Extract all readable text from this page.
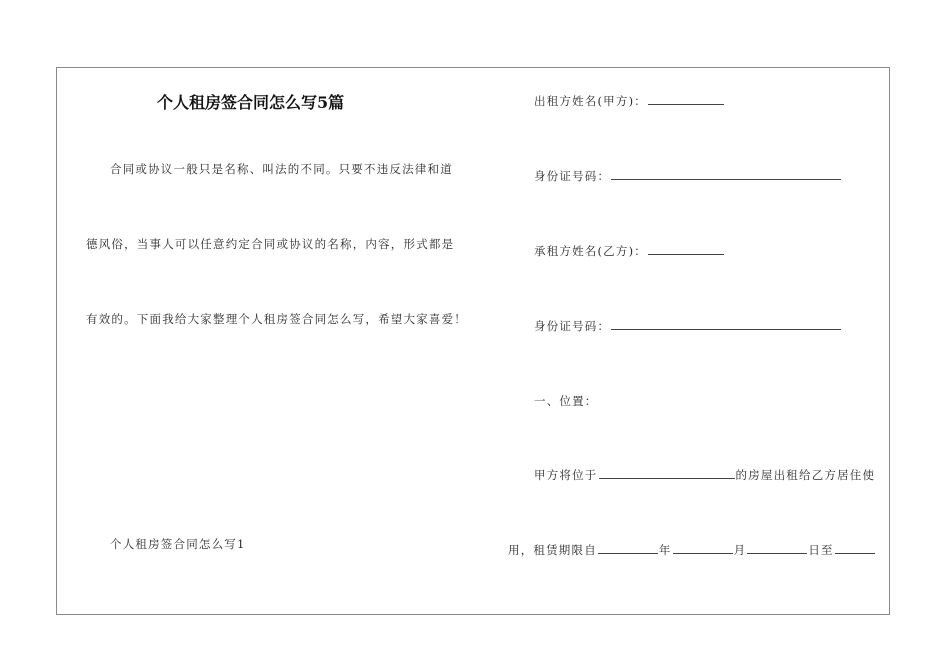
个人租房签合同怎么写5篇
合同或协议一般只是名称、叫法的不同。只要不违反法律和道
德风俗，当事人可以任意约定合同或协议的名称，内容，形式都是
有效的。下面我给大家整理个人租房签合同怎么写，希望大家喜爱！
个人租房签合同怎么写1
出租方姓名(甲方)：
身份证号码：
承租方姓名(乙方)：
身份证号码：
一、位置：
甲方将位于	的房屋出租给乙方居住使
用，租赁期限自	年	月	日至
